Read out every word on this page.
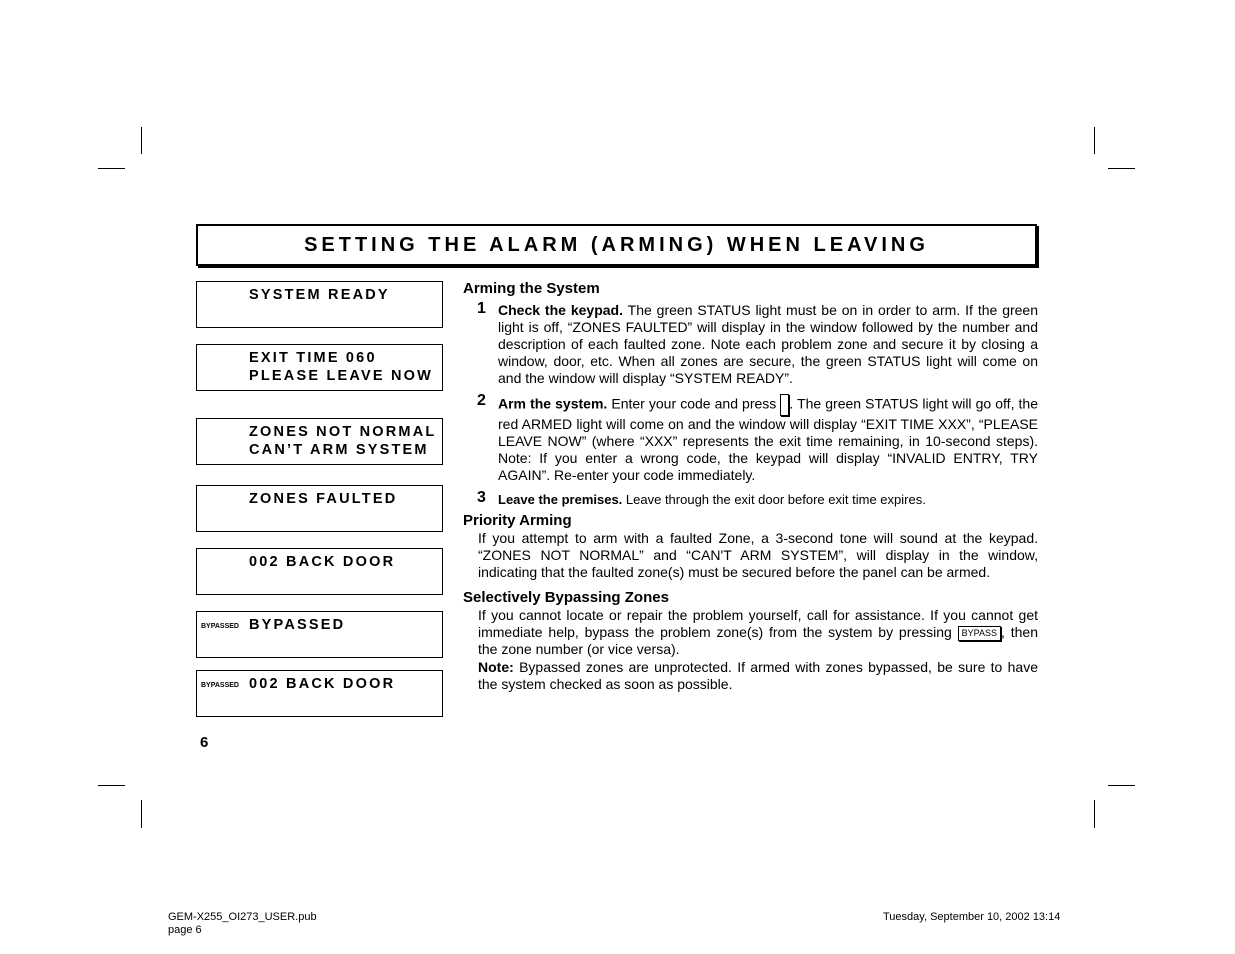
SETTING THE ALARM (ARMING) WHEN LEAVING
SYSTEM READY
EXIT TIME 060
PLEASE LEAVE NOW
ZONES NOT NORMAL
CAN’T ARM SYSTEM
ZONES FAULTED
002 BACK DOOR
BYPASSED BYPASSED
BYPASSED 002 BACK DOOR
6
Arming the System
1 Check the keypad. The green STATUS light must be on in order to arm. If the green light is off, “ZONES FAULTED” will display in the window followed by the number and description of each faulted zone. Note each problem zone and secure it by closing a window, door, etc. When all zones are secure, the green STATUS light will come on and the window will display “SYSTEM READY”.
2 Arm the system. Enter your code and press . The green STATUS light will go off, the red ARMED light will come on and the window will display “EXIT TIME XXX”, “PLEASE LEAVE NOW” (where “XXX” represents the exit time remaining, in 10-second steps). Note: If you enter a wrong code, the keypad will display “INVALID ENTRY, TRY AGAIN”. Re-enter your code immediately.
3 Leave the premises. Leave through the exit door before exit time expires.
Priority Arming
If you attempt to arm with a faulted Zone, a 3-second tone will sound at the keypad. “ZONES NOT NORMAL” and “CAN'T ARM SYSTEM”, will display in the window, indicating that the faulted zone(s) must be secured before the panel can be armed.
Selectively Bypassing Zones
If you cannot locate or repair the problem yourself, call for assistance. If you cannot get immediate help, bypass the problem zone(s) from the system by pressing BYPASS , then the zone number (or vice versa).
Note: Bypassed zones are unprotected. If armed with zones bypassed, be sure to have the system checked as soon as possible.
GEM-X255_OI273_USER.pub
page 6
Tuesday, September 10, 2002 13:14
